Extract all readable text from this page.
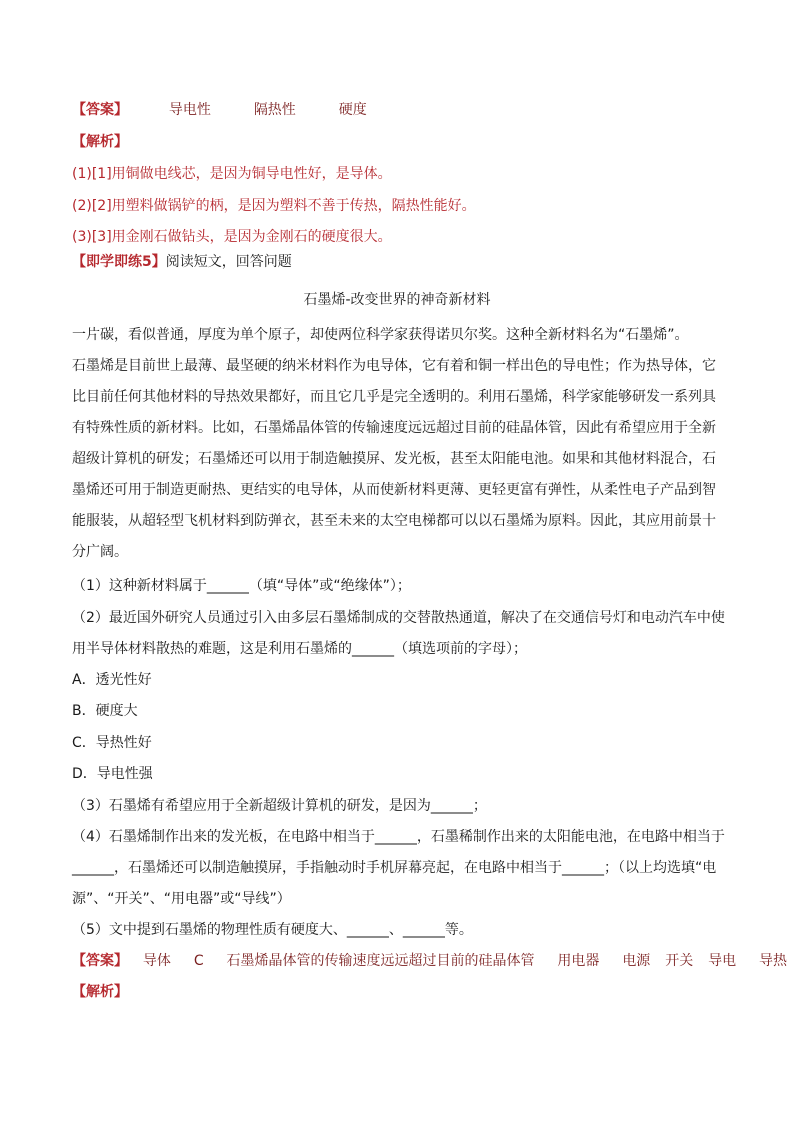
【答案】	导电性	隔热性	硬度
【解析】
(1)[1]用铜做电线芯，是因为铜导电性好，是导体。
(2)[2]用塑料做锅铲的柄，是因为塑料不善于传热，隔热性能好。
(3)[3]用金刚石做钻头，是因为金刚石的硬度很大。
【即学即练5】阅读短文，回答问题
石墨烯-改变世界的神奇新材料
一片碳，看似普通，厚度为单个原子，却使两位科学家获得诺贝尔奖。这种全新材料名为“石墨烯”。
石墨烯是目前世上最薄、最坚硬的纳米材料作为电导体，它有着和铜一样出色的导电性；作为热导体，它
比目前任何其他材料的导热效果都好，而且它几乎是完全透明的。利用石墨烯，科学家能够研发一系列具
有特殊性质的新材料。比如，石墨烯晶体管的传输速度远远超过目前的硅晶体管，因此有希望应用于全新
超级计算机的研发；石墨烯还可以用于制造触摸屏、发光板，甚至太阳能电池。如果和其他材料混合，石
墨烯还可用于制造更耐热、更结实的电导体，从而使新材料更薄、更轻更富有弹性，从柔性电子产品到智
能服装，从超轻型飞机材料到防弹衣，甚至未来的太空电梯都可以以石墨烯为原料。因此，其应用前景十
分广阔。
（1）这种新材料属于______（填“导体”或“绝缘体”）；
（2）最近国外研究人员通过引入由多层石墨烯制成的交替散热通道，解决了在交通信号灯和电动汽车中使
用半导体材料散热的难题，这是利用石墨烯的______（填选项前的字母）；
A．透光性好
B．硬度大
C．导热性好
D．导电性强
（3）石墨烯有希望应用于全新超级计算机的研发，是因为______；
（4）石墨烯制作出来的发光板，在电路中相当于______，石墨稀制作出来的太阳能电池，在电路中相当于
______，石墨烯还可以制造触摸屏，手指触动时手机屏幕亮起，在电路中相当于______；（以上均选填“电
源”、“开关”、“用电器”或“导线”）
（5）文中提到石墨烯的物理性质有硬度大、______、______等。
【答案】 导体 C 石墨烯晶体管的传输速度远远超过目前的硅晶体管 用电器 电源 开关 导电 导热
【解析】
